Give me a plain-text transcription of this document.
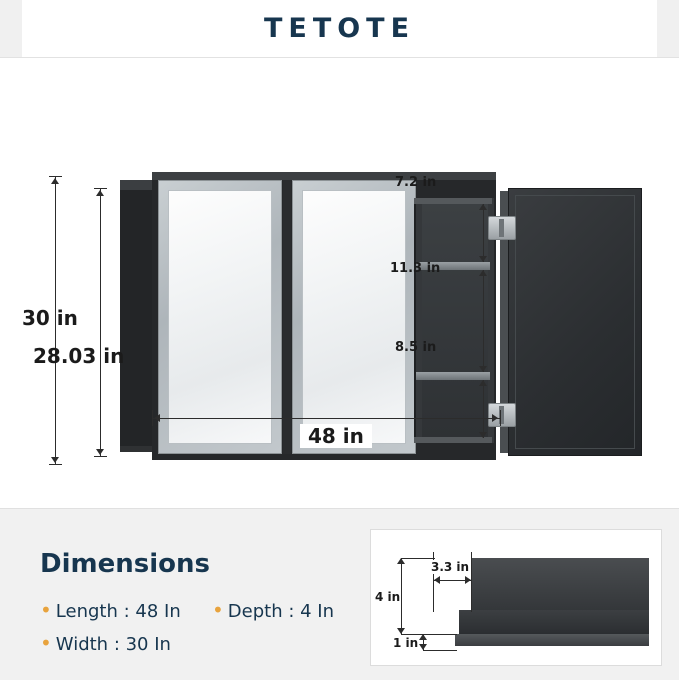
TETOTE
30 in
28.03 in
48 in
7.2 in
11.3 in
8.5 in
Dimensions
• Length : 48 In • Depth : 4 In
• Width : 30 In
3.3 in
4 in
1 in
